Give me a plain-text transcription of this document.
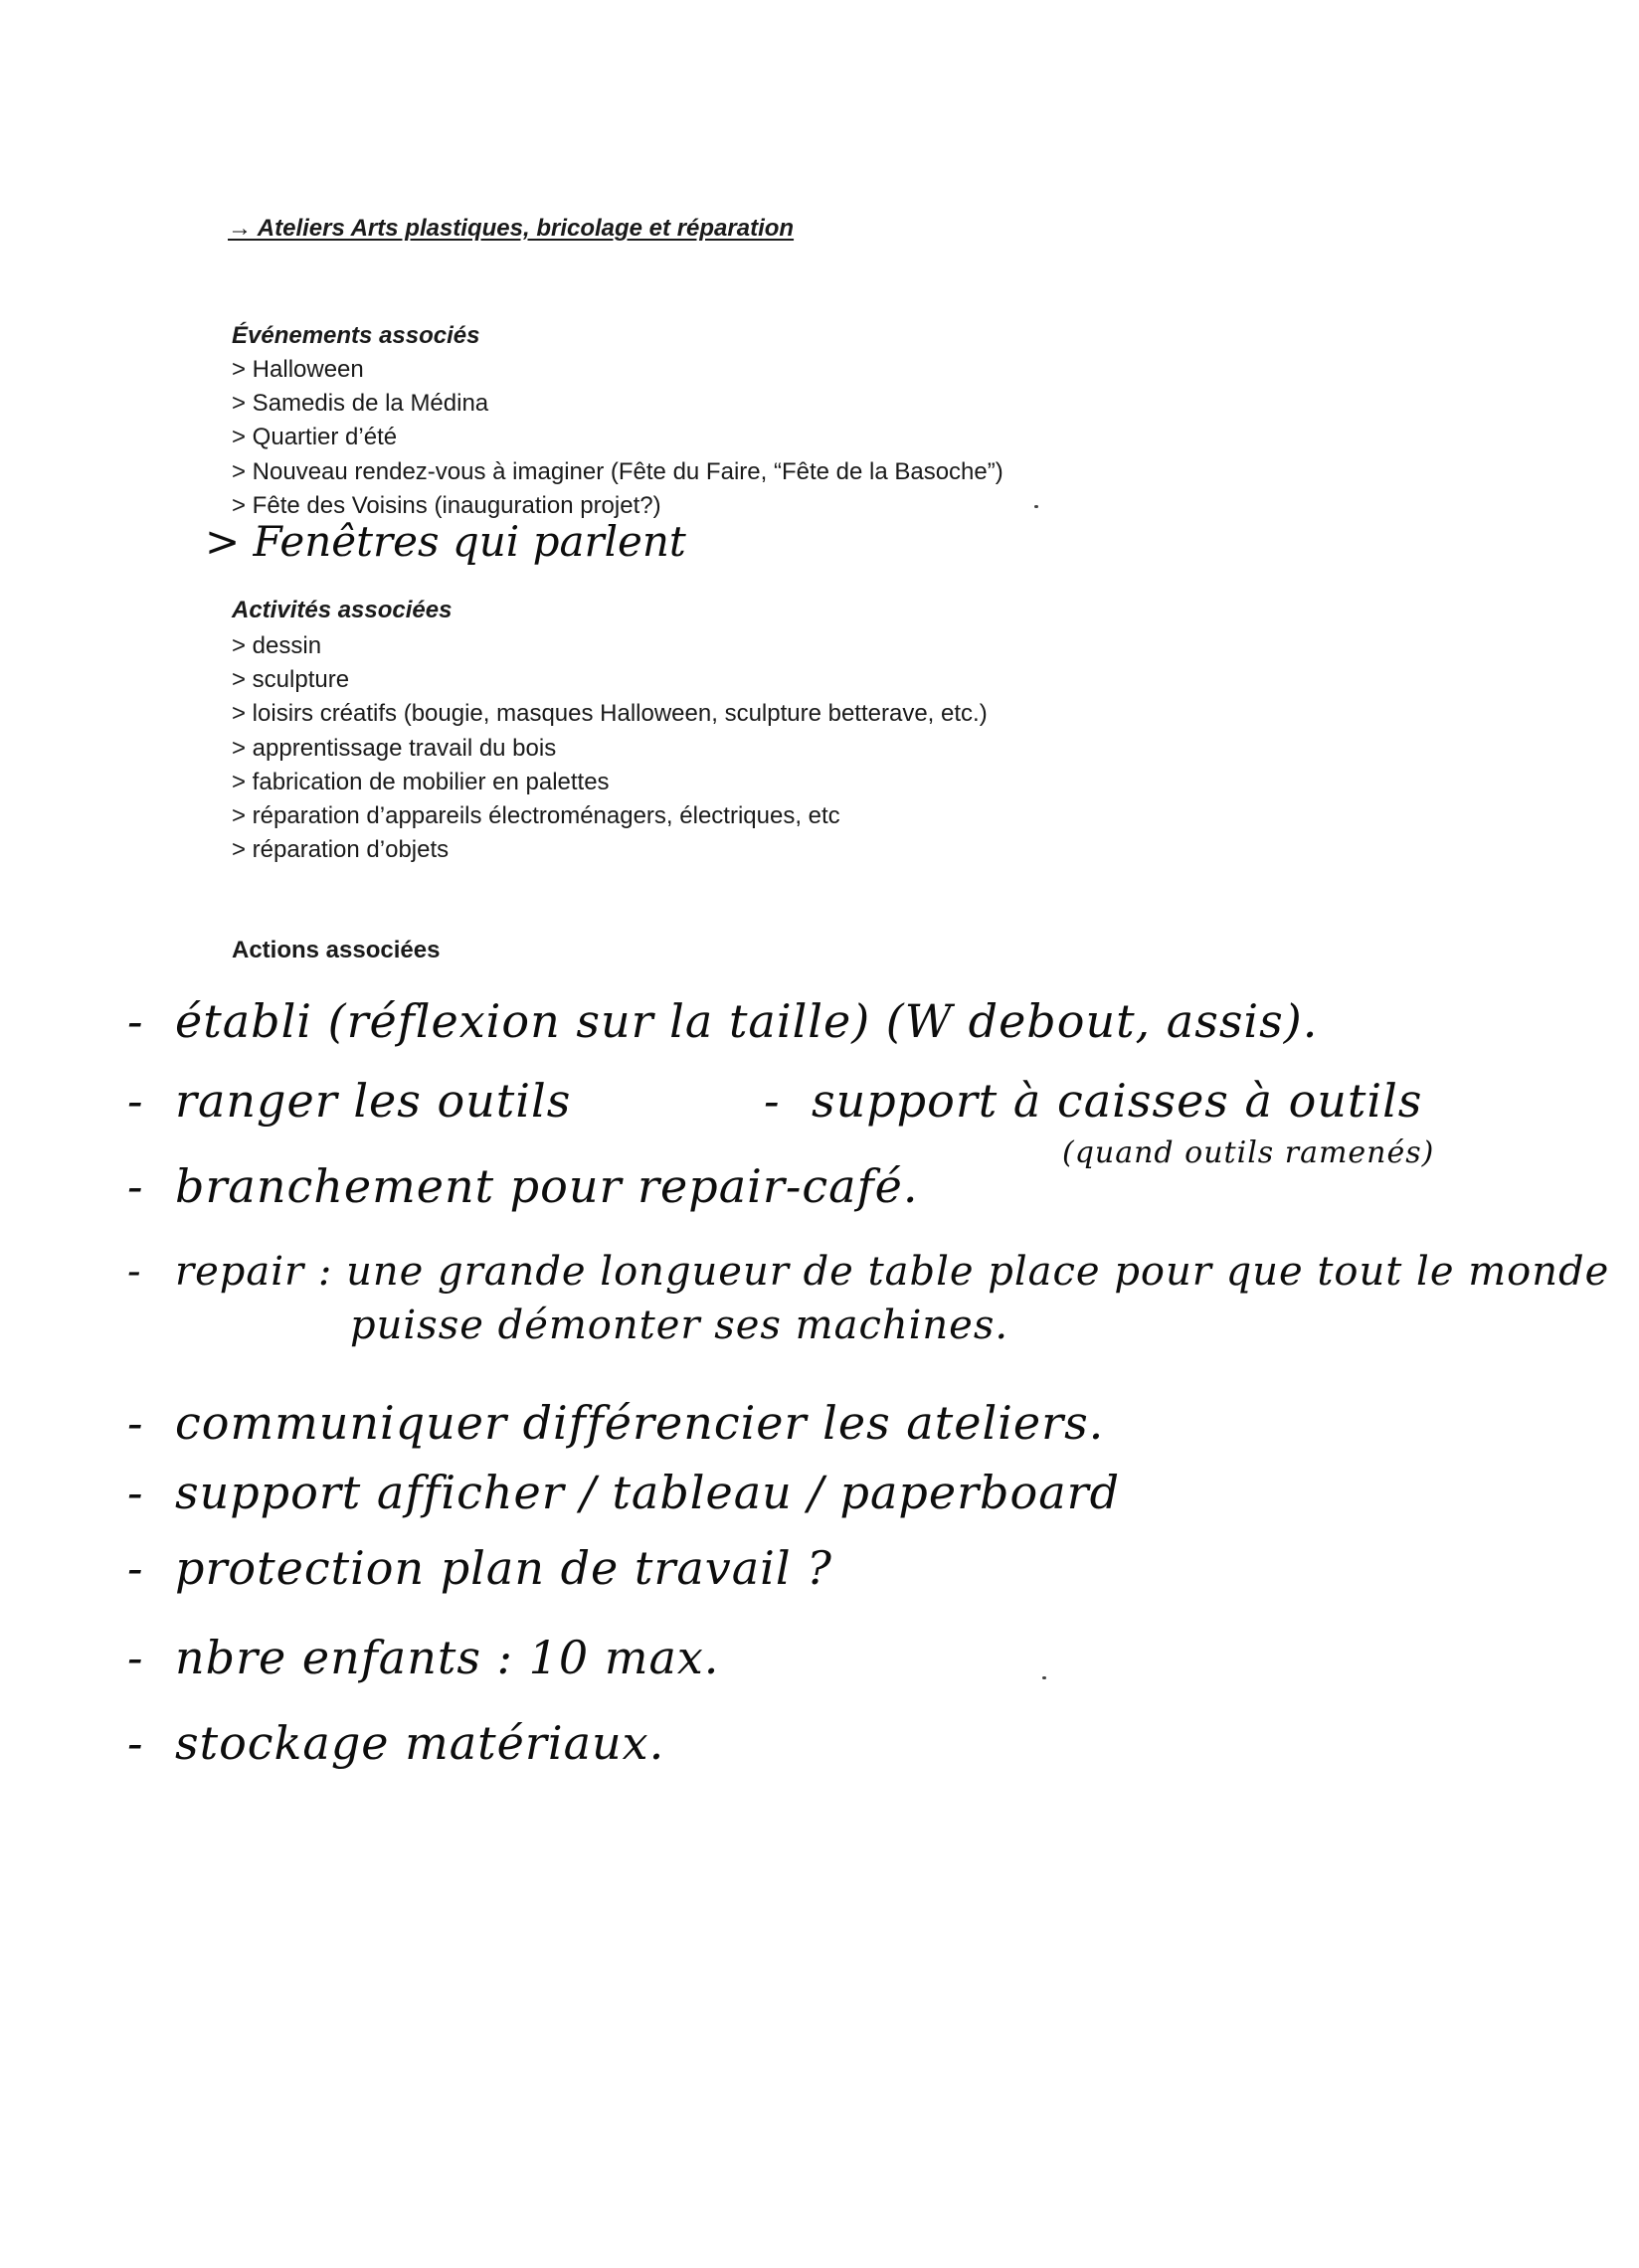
→ Ateliers Arts plastiques, bricolage et réparation

Événements associés

> Halloween
> Samedis de la Médina
> Quartier d’été
> Nouveau rendez-vous à imaginer (Fête du Faire, “Fête de la Basoche”)
> Fête des Voisins (inauguration projet?)

> Fenêtres qui parlent

Activités associées

> dessin
> sculpture
> loisirs créatifs (bougie, masques Halloween, sculpture betterave, etc.)
> apprentissage travail du bois
> fabrication de mobilier en palettes
> réparation d’appareils électroménagers, électriques, etc
> réparation d’objets

Actions associées

- établi (réflexion sur la taille) (W debout, assis).
- ranger les outils	- support à caisses à outils
(quand outils ramenés)
- branchement pour repair-café.
- repair : une grande longueur de table place pour que tout le monde
puisse démonter ses machines.
- communiquer différencier les ateliers.
- support afficher / tableau / paperboard
- protection plan de travail ?
- nbre enfants : 10 max.
- stockage matériaux.
